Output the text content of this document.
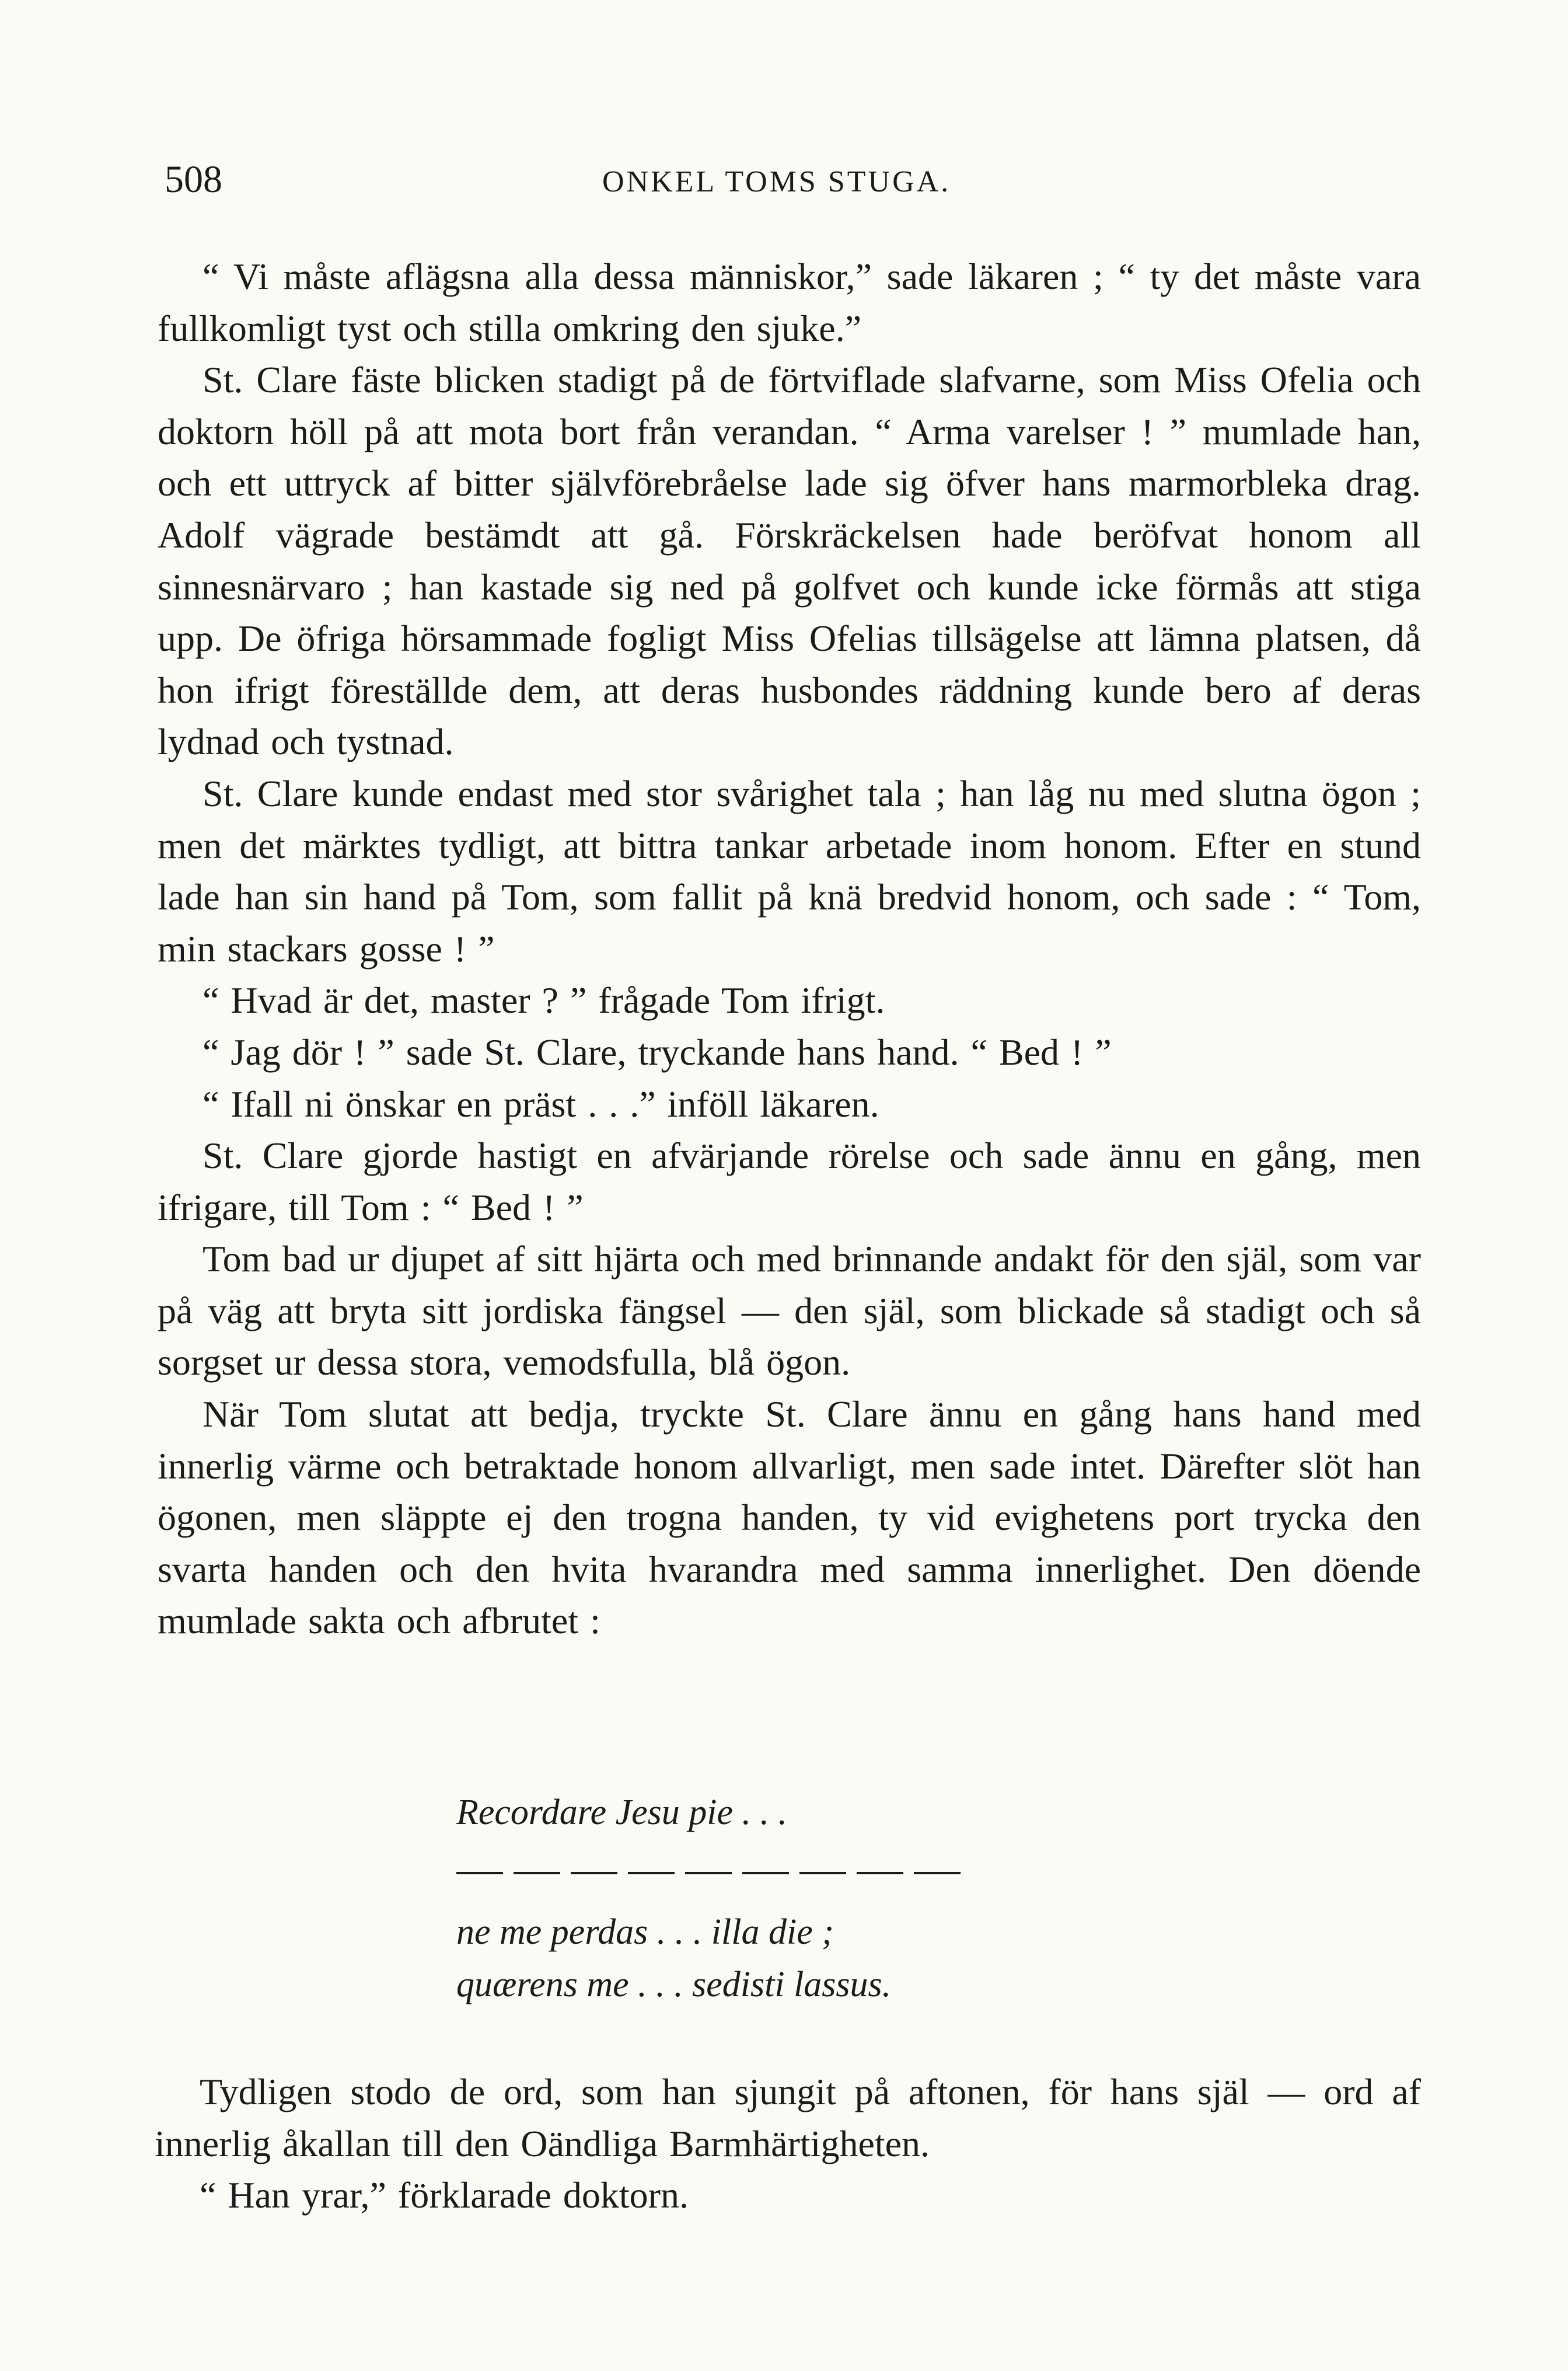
508	ONKEL TOMS STUGA.

“ Vi måste aflägsna alla dessa människor,” sade läkaren ; “ ty det måste vara fullkomligt tyst och stilla omkring den sjuke.”

St. Clare fäste blicken stadigt på de förtviflade slafvarne, som Miss Ofelia och doktorn höll på att mota bort från verandan. “ Arma varelser ! ” mumlade han, och ett uttryck af bitter självförebråelse lade sig öfver hans marmorbleka drag. Adolf vägrade bestämdt att gå. Förskräckelsen hade beröfvat honom all sinnesnärvaro ; han kastade sig ned på golfvet och kunde icke förmås att stiga upp. De öfriga hörsammade fogligt Miss Ofelias tillsägelse att lämna platsen, då hon ifrigt föreställde dem, att deras husbondes räddning kunde bero af deras lydnad och tystnad.

St. Clare kunde endast med stor svårighet tala ; han låg nu med slutna ögon ; men det märktes tydligt, att bittra tankar arbetade inom honom. Efter en stund lade han sin hand på Tom, som fallit på knä bredvid honom, och sade : “ Tom, min stackars gosse ! ”

“ Hvad är det, master ? ” frågade Tom ifrigt.

“ Jag dör ! ” sade St. Clare, tryckande hans hand. “ Bed ! ”

“ Ifall ni önskar en präst . . .” inföll läkaren.

St. Clare gjorde hastigt en afvärjande rörelse och sade ännu en gång, men ifrigare, till Tom : “ Bed ! ”

Tom bad ur djupet af sitt hjärta och med brinnande andakt för den själ, som var på väg att bryta sitt jordiska fängsel — den själ, som blickade så stadigt och så sorgset ur dessa stora, vemodsfulla, blå ögon.

När Tom slutat att bedja, tryckte St. Clare ännu en gång hans hand med innerlig värme och betraktade honom allvarligt, men sade intet. Därefter slöt han ögonen, men släppte ej den trogna handen, ty vid evighetens port trycka den svarta handen och den hvita hvarandra med samma innerlighet. Den döende mumlade sakta och afbrutet :

Recordare Jesu pie . . .
ne me perdas . . . illa die ;
quærens me . . . sedisti lassus.

Tydligen stodo de ord, som han sjungit på aftonen, för hans själ — ord af innerlig åkallan till den Oändliga Barmhärtigheten.

“ Han yrar,” förklarade doktorn.
